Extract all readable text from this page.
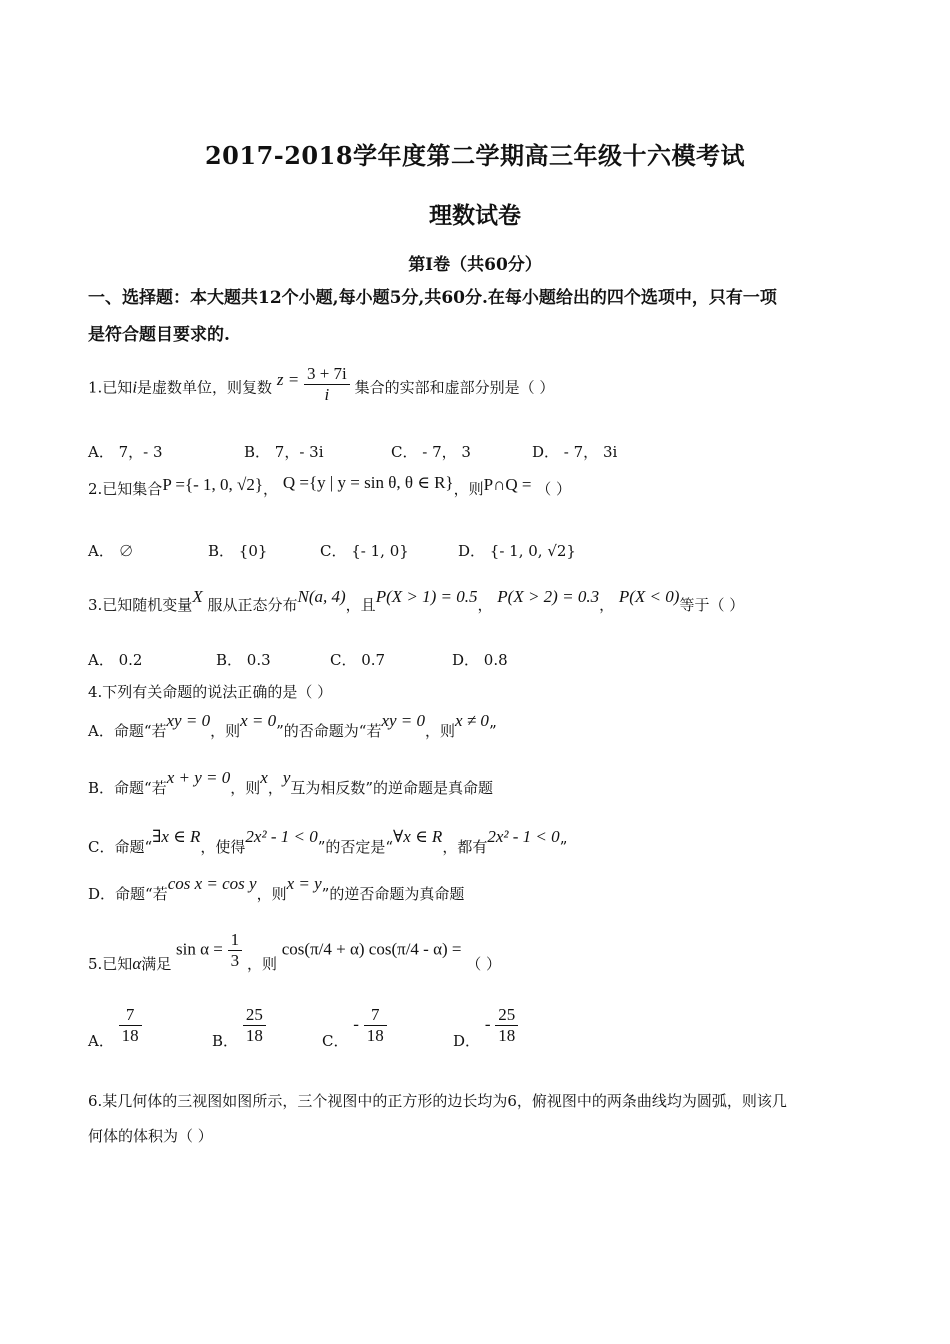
2017-2018学年度第二学期高三年级十六模考试
理数试卷
第Ⅰ卷（共60分）
一、选择题：本大题共12个小题,每小题5分,共60分.在每小题给出的四个选项中，只有一项
是符合题目要求的.
1.已知i是虚数单位，则复数 $z = \frac{3 + 7i}{i}$ 集合的实部和虚部分别是（ ）
A． 7，- 3	B． 7，- 3i	C． - 7， 3	D． - 7， 3i
2.已知集合P ={- 1, 0, √2}， Q ={y | y = sin θ, θ ∈ R}，则P∩Q = （ ）
A． ∅	B． {0}	C． {- 1, 0}	D． {- 1, 0, √2}
3.已知随机变量X 服从正态分布N(a, 4)，且P(X > 1) = 0.5， P(X > 2) = 0.3， P(X < 0)等于（ ）
A． 0.2	B． 0.3	C． 0.7	D． 0.8
4.下列有关命题的说法正确的是（ ）
A．命题“若xy = 0，则x = 0”的否命题为“若xy = 0，则x ≠ 0”
B．命题“若x + y = 0，则x，y互为相反数”的逆命题是真命题
C．命题“∃x ∈ R，使得2x² - 1 < 0”的否定是“∀x ∈ R，都有2x² - 1 < 0”
D．命题“若cos x = cos y，则x = y”的逆否命题为真命题
5.已知α满足 $\sin \alpha = \frac{1}{3}$ ，则 cos(π/4 + α) cos(π/4 - α) = （ ）
A． $\frac{7}{18}$	B． $\frac{25}{18}$	C． - $\frac{7}{18}$	D． - $\frac{25}{18}$
6.某几何体的三视图如图所示，三个视图中的正方形的边长均为6，俯视图中的两条曲线均为圆弧，则该几
何体的体积为（ ）
